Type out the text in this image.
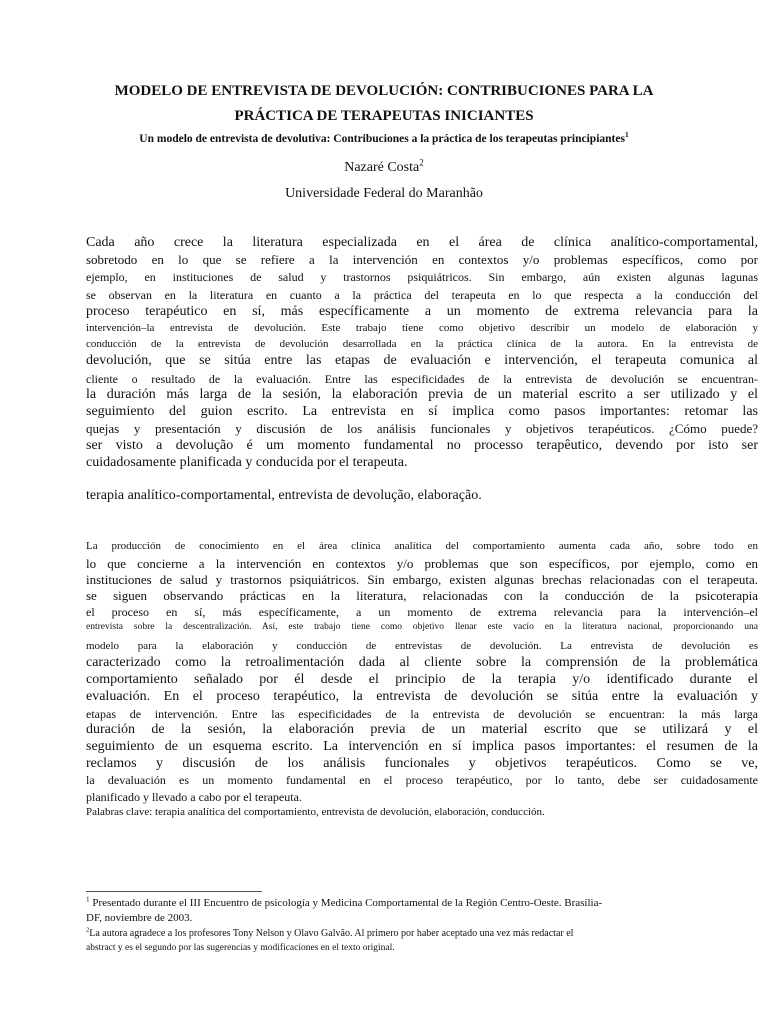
MODELO DE ENTREVISTA DE DEVOLUCIÓN: CONTRIBUCIONES PARA LA
PRÁCTICA DE TERAPEUTAS INICIANTES
Un modelo de entrevista de devolutiva: Contribuciones a la práctica de los terapeutas principiantes$^1$
Nazaré Costa$^2$
Universidade Federal do Maranhão
Cada año crece la literatura especializada en el área de clínica analítico-comportamental,
sobretodo en lo que se refiere a la intervención en contextos y/o problemas específicos, como por
ejemplo, en instituciones de salud y trastornos psiquiátricos. Sin embargo, aún existen algunas lagunas
se observan en la literatura en cuanto a la práctica del terapeuta en lo que respecta a la conducción del
proceso terapéutico en sí, más específicamente a un momento de extrema relevancia para la
intervención–la entrevista de devolución. Este trabajo tiene como objetivo describir un modelo de elaboración y
conducción de la entrevista de devolución desarrollada en la práctica clínica de la autora. En la entrevista de
devolución, que se sitúa entre las etapas de evaluación e intervención, el terapeuta comunica al
cliente o resultado de la evaluación. Entre las especificidades de la entrevista de devolución se encuentran-
la duración más larga de la sesión, la elaboración previa de un material escrito a ser utilizado y el
seguimiento del guion escrito. La entrevista en sí implica como pasos importantes: retomar las
quejas y presentación y discusión de los análisis funcionales y objetivos terapéuticos. ¿Cómo puede?
ser visto a devolução é um momento fundamental no processo terapêutico, devendo por isto ser
cuidadosamente planificada y conducida por el terapeuta.
terapia analítico-comportamental, entrevista de devolução, elaboração.
La producción de conocimiento en el área clínica analítica del comportamiento aumenta cada año, sobre todo en
lo que concierne a la intervención en contextos y/o problemas que son específicos, por ejemplo, como en
instituciones de salud y trastornos psiquiátricos. Sin embargo, existen algunas brechas relacionadas con el terapeuta.
se siguen observando prácticas en la literatura, relacionadas con la conducción de la psicoterapia
el proceso en sí, más específicamente, a un momento de extrema relevancia para la intervención–el
entrevista sobre la descentralización. Así, este trabajo tiene como objetivo llenar este vacío en la literatura nacional, proporcionando una
modelo para la elaboración y conducción de entrevistas de devolución. La entrevista de devolución es
caracterizado como la retroalimentación dada al cliente sobre la comprensión de la problemática
comportamiento señalado por él desde el principio de la terapia y/o identificado durante el
evaluación. En el proceso terapéutico, la entrevista de devolución se sitúa entre la evaluación y
etapas de intervención. Entre las especificidades de la entrevista de devolución se encuentran: la más larga
duración de la sesión, la elaboración previa de un material escrito que se utilizará y el
seguimiento de un esquema escrito. La intervención en sí implica pasos importantes: el resumen de la
reclamos y discusión de los análisis funcionales y objetivos terapéuticos. Como se ve,
la devaluación es un momento fundamental en el proceso terapéutico, por lo tanto, debe ser cuidadosamente
planificado y llevado a cabo por el terapeuta.
Palabras clave: terapia analítica del comportamiento, entrevista de devolución, elaboración, conducción.
$^1$ Presentado durante el III Encuentro de psicología y Medicina Comportamental de la Región Centro-Oeste. Brasília-
DF, noviembre de 2003.
$^2$La autora agradece a los profesores Tony Nelson y Olavo Galvão. Al primero por haber aceptado una vez más redactar el
abstract y es el segundo por las sugerencias y modificaciones en el texto original.
